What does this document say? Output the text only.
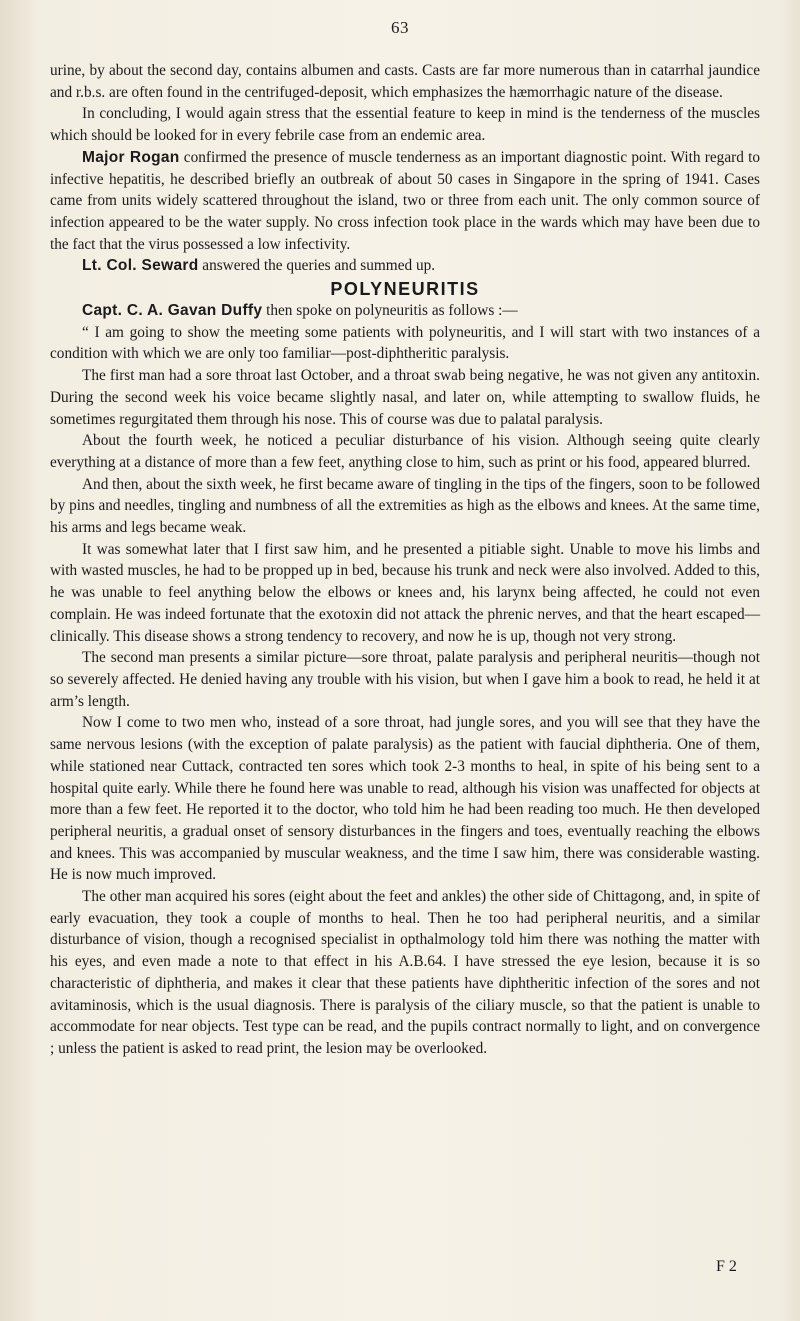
63

urine, by about the second day, contains albumen and casts. Casts are far more numerous than in catarrhal jaundice and r.b.s. are often found in the centrifuged-deposit, which emphasizes the hæmorrhagic nature of the disease.

In concluding, I would again stress that the essential feature to keep in mind is the tenderness of the muscles which should be looked for in every febrile case from an endemic area.

Major Rogan confirmed the presence of muscle tenderness as an important diagnostic point. With regard to infective hepatitis, he described briefly an outbreak of about 50 cases in Singapore in the spring of 1941. Cases came from units widely scattered throughout the island, two or three from each unit. The only common source of infection appeared to be the water supply. No cross infection took place in the wards which may have been due to the fact that the virus possessed a low infectivity.

Lt. Col. Seward answered the queries and summed up.

POLYNEURITIS

Capt. C. A. Gavan Duffy then spoke on polyneuritis as follows :—

“ I am going to show the meeting some patients with polyneuritis, and I will start with two instances of a condition with which we are only too familiar—post-diphtheritic paralysis.

The first man had a sore throat last October, and a throat swab being negative, he was not given any antitoxin. During the second week his voice became slightly nasal, and later on, while attempting to swallow fluids, he sometimes regurgitated them through his nose. This of course was due to palatal paralysis.

About the fourth week, he noticed a peculiar disturbance of his vision. Although seeing quite clearly everything at a distance of more than a few feet, anything close to him, such as print or his food, appeared blurred.

And then, about the sixth week, he first became aware of tingling in the tips of the fingers, soon to be followed by pins and needles, tingling and numbness of all the extremities as high as the elbows and knees. At the same time, his arms and legs became weak.

It was somewhat later that I first saw him, and he presented a pitiable sight. Unable to move his limbs and with wasted muscles, he had to be propped up in bed, because his trunk and neck were also involved. Added to this, he was unable to feel anything below the elbows or knees and, his larynx being affected, he could not even complain. He was indeed fortunate that the exotoxin did not attack the phrenic nerves, and that the heart escaped—clinically. This disease shows a strong tendency to recovery, and now he is up, though not very strong.

The second man presents a similar picture—sore throat, palate paralysis and peripheral neuritis—though not so severely affected. He denied having any trouble with his vision, but when I gave him a book to read, he held it at arm’s length.

Now I come to two men who, instead of a sore throat, had jungle sores, and you will see that they have the same nervous lesions (with the exception of palate paralysis) as the patient with faucial diphtheria. One of them, while stationed near Cuttack, contracted ten sores which took 2-3 months to heal, in spite of his being sent to a hospital quite early. While there he found here was unable to read, although his vision was unaffected for objects at more than a few feet. He reported it to the doctor, who told him he had been reading too much. He then developed peripheral neuritis, a gradual onset of sensory disturbances in the fingers and toes, eventually reaching the elbows and knees. This was accompanied by muscular weakness, and the time I saw him, there was considerable wasting. He is now much improved.

The other man acquired his sores (eight about the feet and ankles) the other side of Chittagong, and, in spite of early evacuation, they took a couple of months to heal. Then he too had peripheral neuritis, and a similar disturbance of vision, though a recognised specialist in opthalmology told him there was nothing the matter with his eyes, and even made a note to that effect in his A.B.64. I have stressed the eye lesion, because it is so characteristic of diphtheria, and makes it clear that these patients have diphtheritic infection of the sores and not avitaminosis, which is the usual diagnosis. There is paralysis of the ciliary muscle, so that the patient is unable to accommodate for near objects. Test type can be read, and the pupils contract normally to light, and on convergence ; unless the patient is asked to read print, the lesion may be overlooked.

F 2
